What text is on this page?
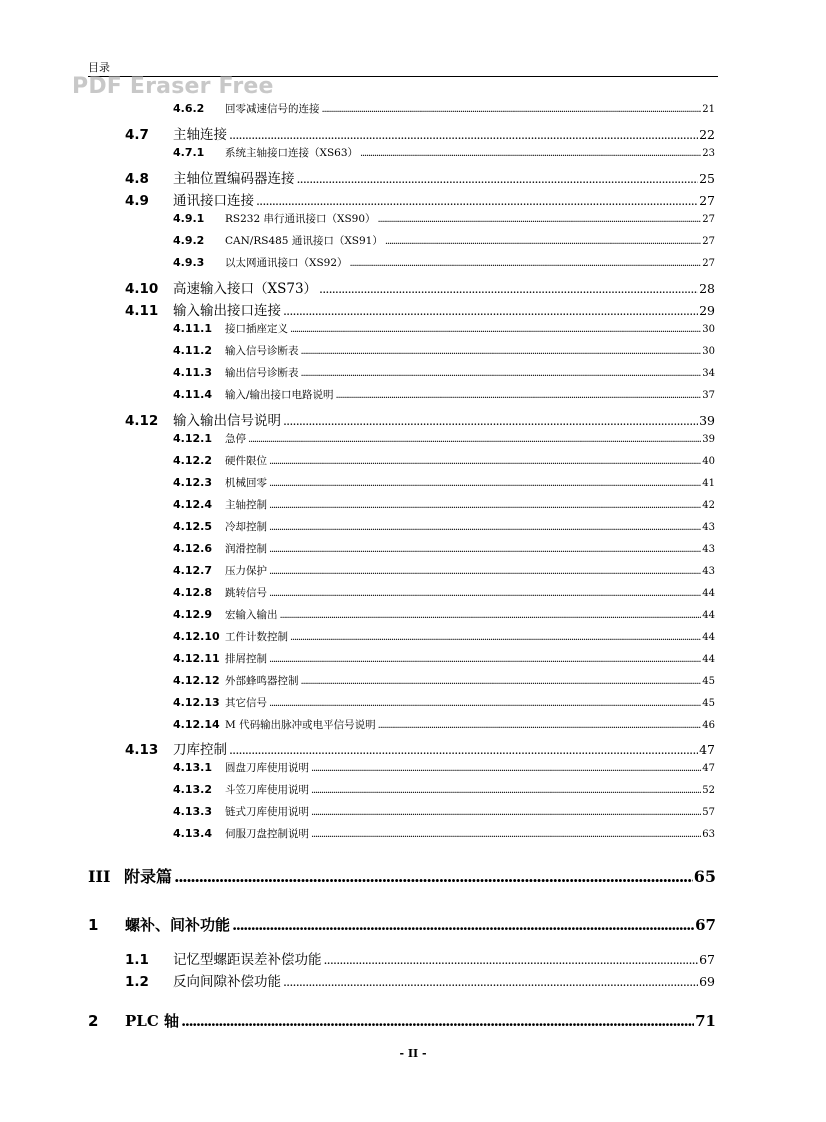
目录
PDF Eraser Free
4.6.2	回零减速信号的连接 .....	21
4.7	主轴连接 .....	22
4.7.1	系统主轴接口连接（XS63） .....	23
4.8	主轴位置编码器连接 .....	25
4.9	通讯接口连接 .....	27
4.9.1	RS232 串行通讯接口（XS90） .....	27
4.9.2	CAN/RS485 通讯接口（XS91） .....	27
4.9.3	以太网通讯接口（XS92） .....	27
4.10	高速输入接口（XS73） .....	28
4.11	输入输出接口连接 .....	29
4.11.1	接口插座定义 .....	30
4.11.2	输入信号诊断表 .....	30
4.11.3	输出信号诊断表 .....	34
4.11.4	输入/输出接口电路说明 .....	37
4.12	输入输出信号说明 .....	39
4.12.1	急停 .....	39
4.12.2	硬件限位 .....	40
4.12.3	机械回零 .....	41
4.12.4	主轴控制 .....	42
4.12.5	冷却控制 .....	43
4.12.6	润滑控制 .....	43
4.12.7	压力保护 .....	43
4.12.8	跳转信号 .....	44
4.12.9	宏输入输出 .....	44
4.12.10 工件计数控制 .....	44
4.12.11 排屑控制 .....	44
4.12.12 外部蜂鸣器控制 .....	45
4.12.13 其它信号 .....	45
4.12.14 M 代码输出脉冲或电平信号说明 .....	46
4.13	刀库控制 .....	47
4.13.1	圆盘刀库使用说明 .....	47
4.13.2	斗笠刀库使用说明 .....	52
4.13.3	链式刀库使用说明 .....	57
4.13.4	伺服刀盘控制说明 .....	63
III 附录篇 .....	65
1	螺补、间补功能 .....	67
1.1	记忆型螺距误差补偿功能 .....	67
1.2	反向间隙补偿功能 .....	69
2	PLC 轴 .....	71
- II -
